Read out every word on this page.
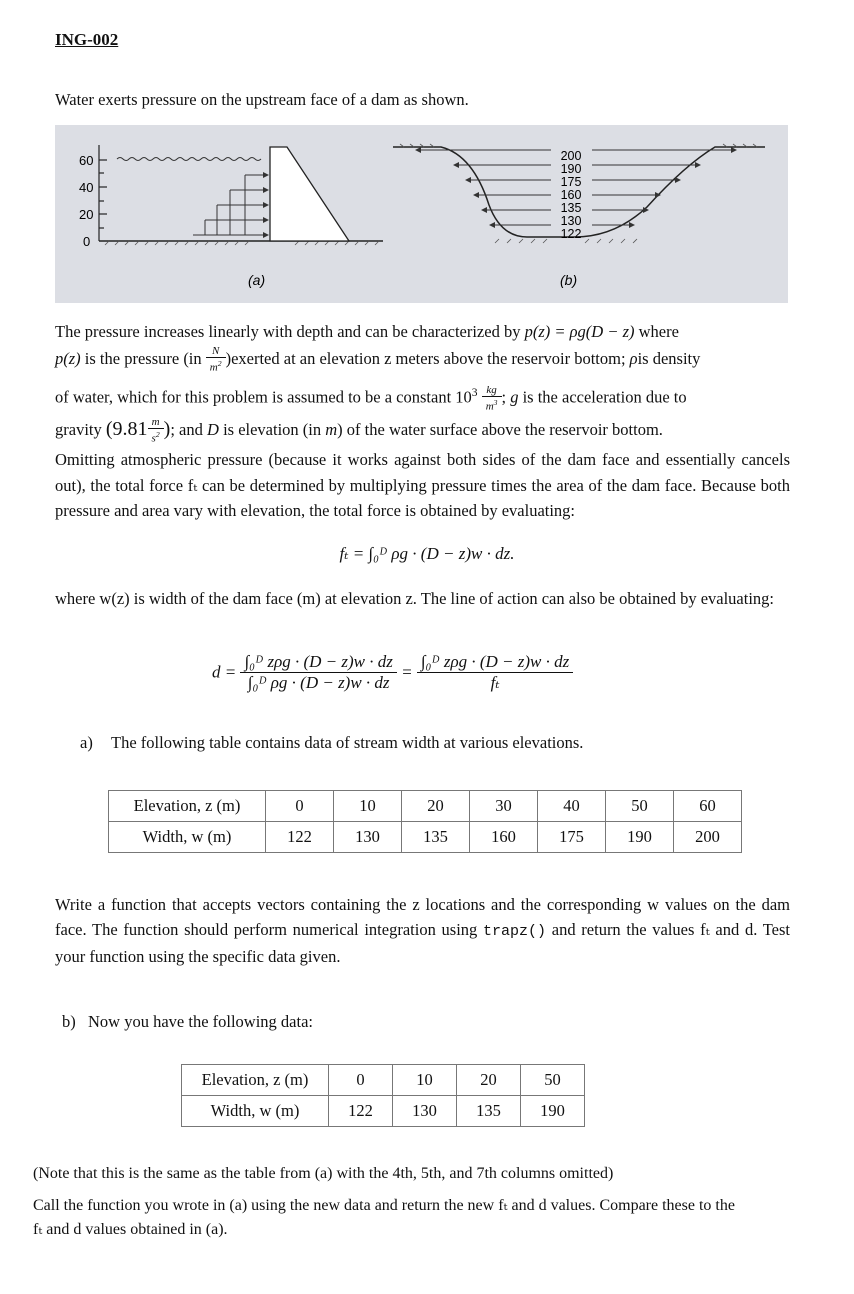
ING-002
Water exerts pressure on the upstream face of a dam as shown.
60
40
20
0
(a)
200
190
175
160
135
130
122
(b)
The pressure increases linearly with depth and can be characterized by p(z) = ρg(D − z) where
p(z) is the pressure ($in \frac{N}{m^2}$ )exerted at an elevation z meters above the reservoir bottom; ρis density
of water, which for this problem is assumed to be a constant $10^3 \frac{kg}{m^3}$ ; g is the acceleration due to
gravity ($9.81 \frac{m}{s^2}$ ); and D is elevation (in m) of the water surface above the reservoir bottom.
Omitting atmospheric pressure (because it works against both sides of the dam face and essentially cancels out), the total force fₜ can be determined by multiplying pressure times the area of the dam face. Because both pressure and area vary with elevation, the total force is obtained by evaluating:
fₜ = ∫₀ᴰ ρg · (D − z)w · dz.
where w(z) is width of the dam face (m) at elevation z. The line of action can also be obtained by evaluating:
$d = \frac{\text{∫₀ᴰ zρg · (D − z)w · dz}}{\text{∫₀ᴰ ρg · (D − z)w · dz}} = \frac{\text{∫₀ᴰ zρg · (D − z)w · dz}}{\text{fₜ}}$
a) The following table contains data of stream width at various elevations.
Elevation, z (m)	0	10	20	30	40	50	60
Width, w (m)	122	130	135	160	175	190	200
Write a function that accepts vectors containing the z locations and the corresponding w values on the dam face. The function should perform numerical integration using trapz() and return the values fₜ and d. Test your function using the specific data given.
b) Now you have the following data:
Elevation, z (m)	0	10	20	50
Width, w (m)	122	130	135	190
(Note that this is the same as the table from (a) with the 4th, 5th, and 7th columns omitted)
Call the function you wrote in (a) using the new data and return the new fₜ and d values. Compare these to the fₜ and d values obtained in (a).
